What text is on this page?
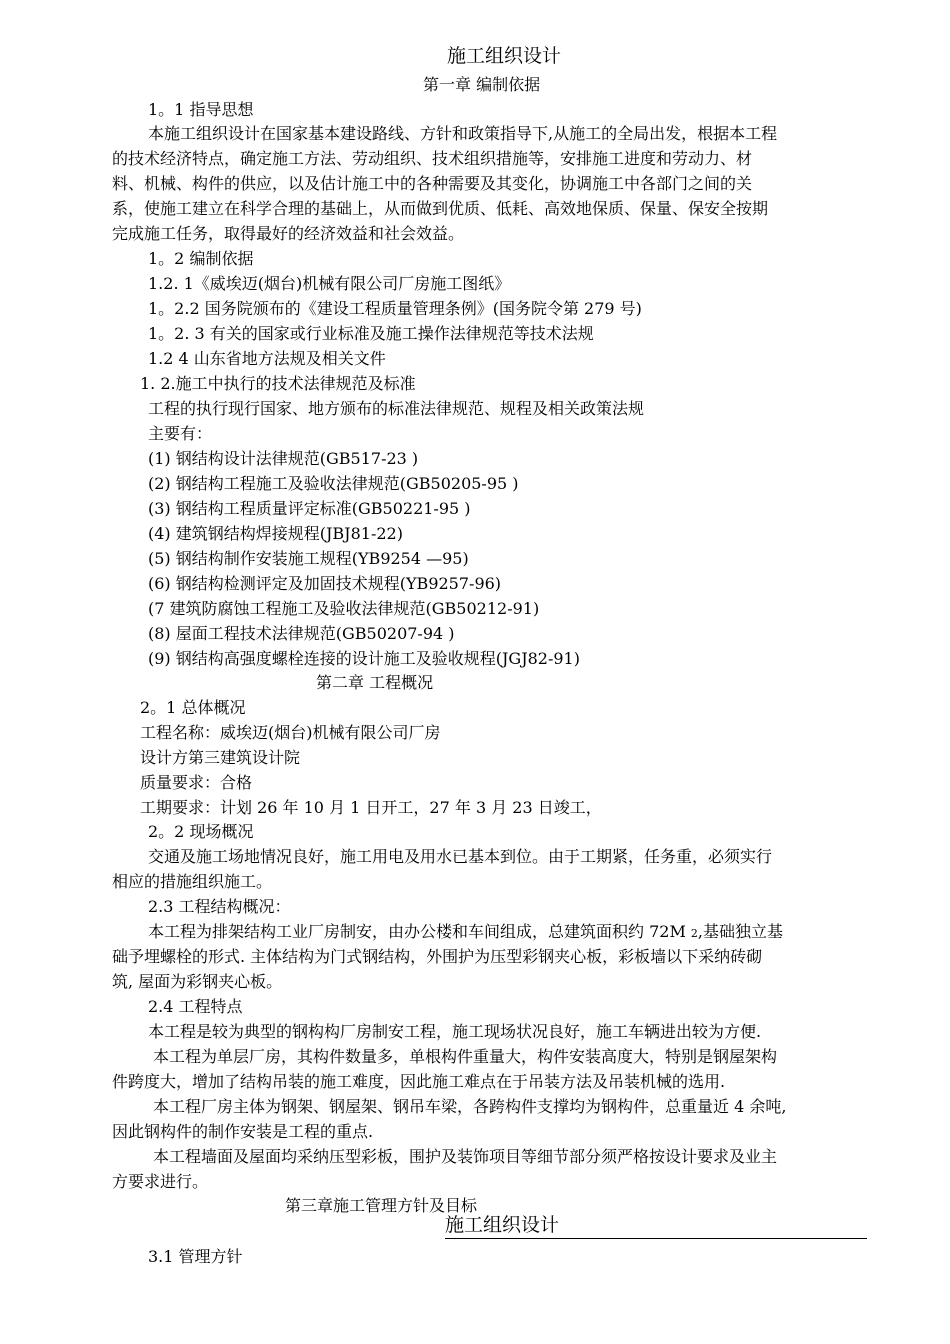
施工组织设计
第一章 编制依据
1。1 指导思想
本施工组织设计在国家基本建设路线、方针和政策指导下,从施工的全局出发，根据本工程
的技术经济特点，确定施工方法、劳动组织、技术组织措施等，安排施工进度和劳动力、材
料、机械、构件的供应，以及估计施工中的各种需要及其变化，协调施工中各部门之间的关
系，使施工建立在科学合理的基础上，从而做到优质、低耗、高效地保质、保量、保安全按期
完成施工任务，取得最好的经济效益和社会效益。
1。2 编制依据
1.2. 1《威埃迈(烟台)机械有限公司厂房施工图纸》
1。2.2 国务院颁布的《建设工程质量管理条例》(国务院令第 279 号)
1。2. 3 有关的国家或行业标准及施工操作法律规范等技术法规
1.2 4 山东省地方法规及相关文件
1. 2.施工中执行的技术法律规范及标准
工程的执行现行国家、地方颁布的标准法律规范、规程及相关政策法规
主要有：
(1) 钢结构设计法律规范(GB517-23 )
(2) 钢结构工程施工及验收法律规范(GB50205-95 )
(3) 钢结构工程质量评定标准(GB50221-95 )
(4) 建筑钢结构焊接规程(JBJ81-22)
(5) 钢结构制作安装施工规程(YB9254 —95)
(6) 钢结构检测评定及加固技术规程(YB9257-96)
(7 建筑防腐蚀工程施工及验收法律规范(GB50212-91)
(8) 屋面工程技术法律规范(GB50207-94 )
(9) 钢结构高强度螺栓连接的设计施工及验收规程(JGJ82-91)
第二章 工程概况
2。1 总体概况
工程名称：威埃迈(烟台)机械有限公司厂房
设计方第三建筑设计院
质量要求：合格
工期要求：计划 26 年 10 月 1 日开工，27 年 3 月 23 日竣工，
2。2 现场概况
交通及施工场地情况良好，施工用电及用水已基本到位。由于工期紧，任务重，必须实行
相应的措施组织施工。
2.3 工程结构概况：
本工程为排架结构工业厂房制安，由办公楼和车间组成，总建筑面积约 72M 2,基础独立基
础予埋螺栓的形式. 主体结构为门式钢结构，外围护为压型彩钢夹心板，彩板墙以下采纳砖砌
筑, 屋面为彩钢夹心板。
2.4 工程特点
本工程是较为典型的钢构构厂房制安工程，施工现场状况良好，施工车辆进出较为方便.
本工程为单层厂房，其构件数量多，单根构件重量大，构件安装高度大，特别是钢屋架构
件跨度大，增加了结构吊装的施工难度，因此施工难点在于吊装方法及吊装机械的选用.
本工程厂房主体为钢架、钢屋架、钢吊车梁，各跨构件支撑均为钢构件，总重量近 4 余吨,
因此钢构件的制作安装是工程的重点.
本工程墙面及屋面均采纳压型彩板，围护及装饰项目等细节部分须严格按设计要求及业主
方要求进行。
第三章施工管理方针及目标
施工组织设计
3.1 管理方针
